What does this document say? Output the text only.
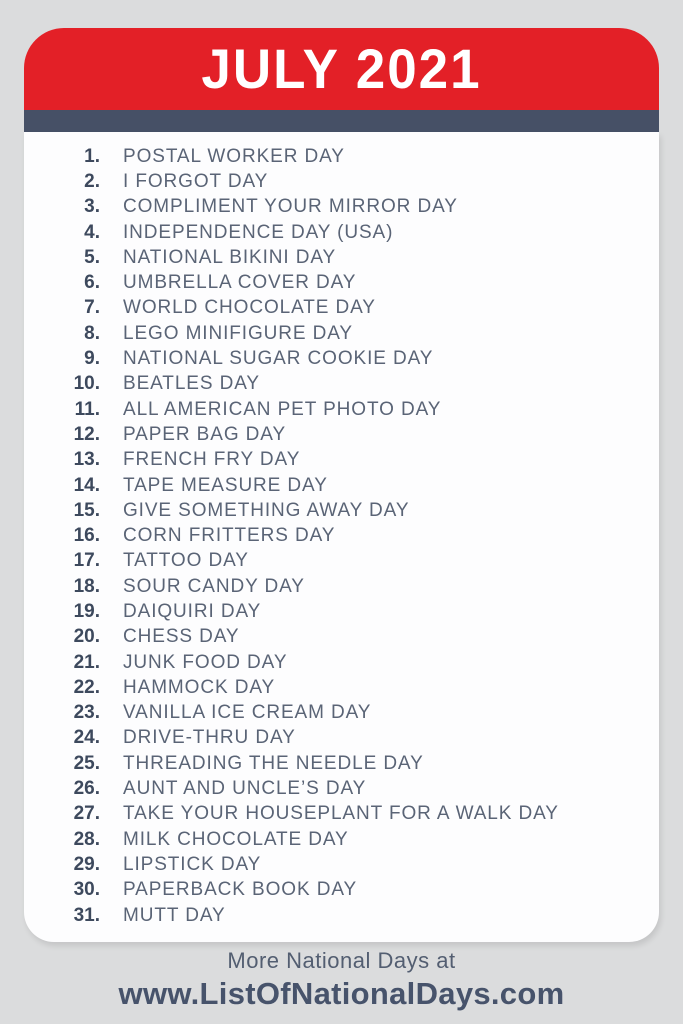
JULY 2021
1. POSTAL WORKER DAY
2. I FORGOT DAY
3. COMPLIMENT YOUR MIRROR DAY
4. INDEPENDENCE DAY (USA)
5. NATIONAL BIKINI DAY
6. UMBRELLA COVER DAY
7. WORLD CHOCOLATE DAY
8. LEGO MINIFIGURE DAY
9. NATIONAL SUGAR COOKIE DAY
10. BEATLES DAY
11. ALL AMERICAN PET PHOTO DAY
12. PAPER BAG DAY
13. FRENCH FRY DAY
14. TAPE MEASURE DAY
15. GIVE SOMETHING AWAY DAY
16. CORN FRITTERS DAY
17. TATTOO DAY
18. SOUR CANDY DAY
19. DAIQUIRI DAY
20. CHESS DAY
21. JUNK FOOD DAY
22. HAMMOCK DAY
23. VANILLA ICE CREAM DAY
24. DRIVE-THRU DAY
25. THREADING THE NEEDLE DAY
26. AUNT AND UNCLE’S DAY
27. TAKE YOUR HOUSEPLANT FOR A WALK DAY
28. MILK CHOCOLATE DAY
29. LIPSTICK DAY
30. PAPERBACK BOOK DAY
31. MUTT DAY

More National Days at

www.ListOfNationalDays.com
